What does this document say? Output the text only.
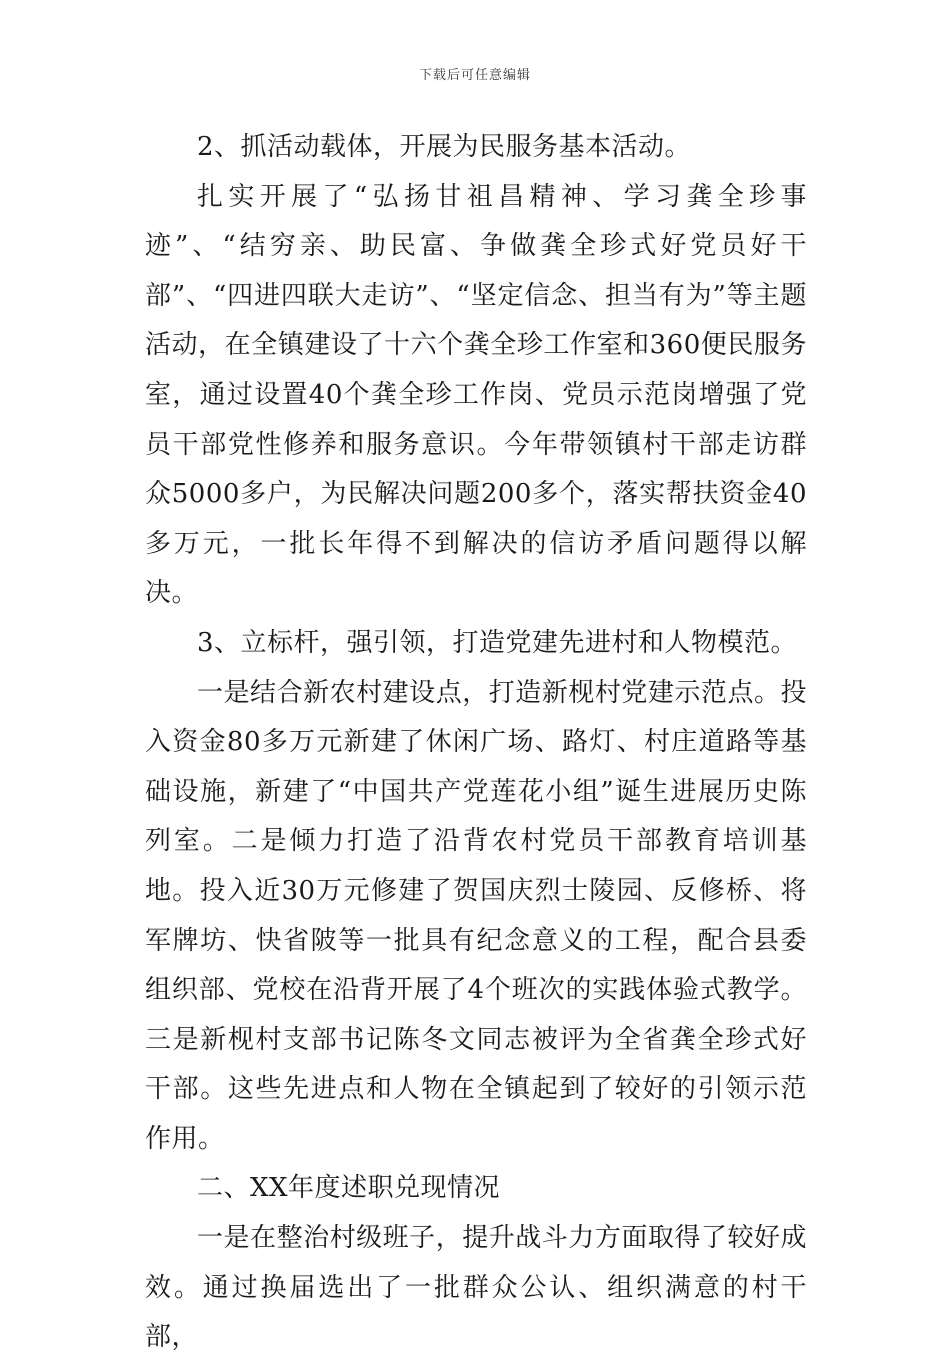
下载后可任意编辑

2、抓活动载体，开展为民服务基本活动。

扎实开展了“弘扬甘祖昌精神、学习龚全珍事迹”、“结穷亲、助民富、争做龚全珍式好党员好干部”、“四进四联大走访”、“坚定信念、担当有为”等主题活动，在全镇建设了十六个龚全珍工作室和360便民服务室，通过设置40个龚全珍工作岗、党员示范岗增强了党员干部党性修养和服务意识。今年带领镇村干部走访群众5000多户，为民解决问题200多个，落实帮扶资金40多万元，一批长年得不到解决的信访矛盾问题得以解决。

3、立标杆，强引领，打造党建先进村和人物模范。

一是结合新农村建设点，打造新枧村党建示范点。投入资金80多万元新建了休闲广场、路灯、村庄道路等基础设施，新建了“中国共产党莲花小组”诞生进展历史陈列室。二是倾力打造了沿背农村党员干部教育培训基地。投入近30万元修建了贺国庆烈士陵园、反修桥、将军牌坊、快省陂等一批具有纪念意义的工程，配合县委组织部、党校在沿背开展了4个班次的实践体验式教学。三是新枧村支部书记陈冬文同志被评为全省龚全珍式好干部。这些先进点和人物在全镇起到了较好的引领示范作用。

二、XX年度述职兑现情况

一是在整治村级班子，提升战斗力方面取得了较好成效。通过换届选出了一批群众公认、组织满意的村干部，
